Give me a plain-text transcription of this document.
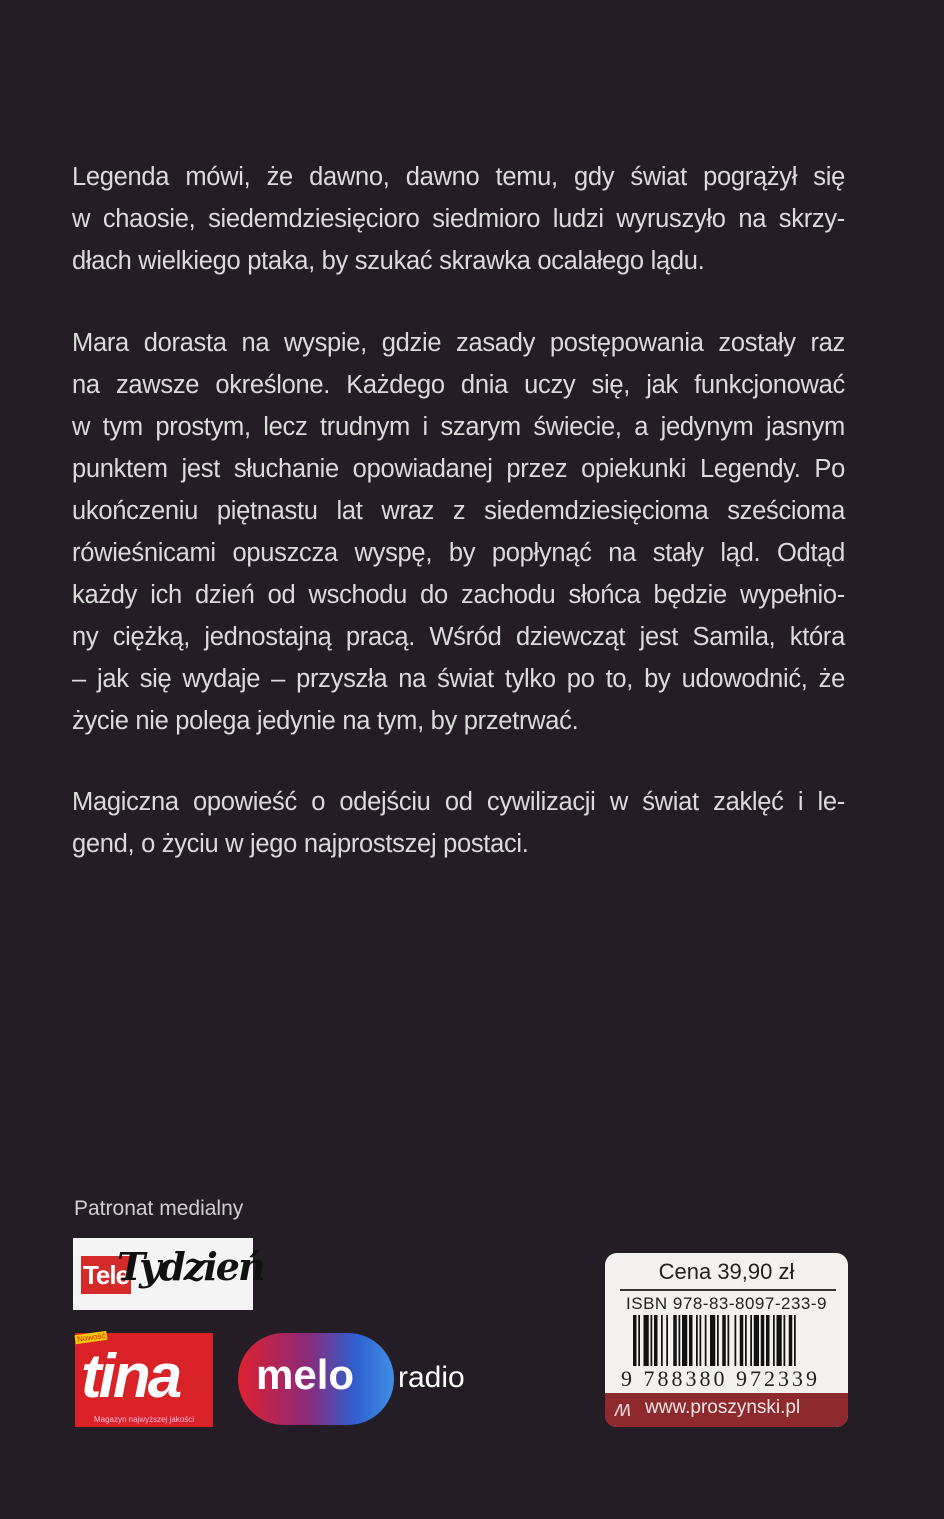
Legenda mówi, że dawno, dawno temu, gdy świat pogrążył się
w chaosie, siedemdziesięcioro siedmioro ludzi wyruszyło na skrzy-
dłach wielkiego ptaka, by szukać skrawka ocalałego lądu.
Mara dorasta na wyspie, gdzie zasady postępowania zostały raz
na zawsze określone. Każdego dnia uczy się, jak funkcjonować
w tym prostym, lecz trudnym i szarym świecie, a jedynym jasnym
punktem jest słuchanie opowiadanej przez opiekunki Legendy. Po
ukończeniu piętnastu lat wraz z siedemdziesięcioma sześcioma
rówieśnicami opuszcza wyspę, by popłynąć na stały ląd. Odtąd
każdy ich dzień od wschodu do zachodu słońca będzie wypełnio-
ny ciężką, jednostajną pracą. Wśród dziewcząt jest Samila, która
– jak się wydaje – przyszła na świat tylko po to, by udowodnić, że
życie nie polega jedynie na tym, by przetrwać.
Magiczna opowieść o odejściu od cywilizacji w świat zaklęć i le-
gend, o życiu w jego najprostszej postaci.
Patronat medialny
Tele
Tydzień
Nowość
tina
Magazyn najwyższej jakości
melo radio
Cena 39,90 zł
ISBN 978-83-8097-233-9
9 788380 972339
ʍ www.proszynski.pl
